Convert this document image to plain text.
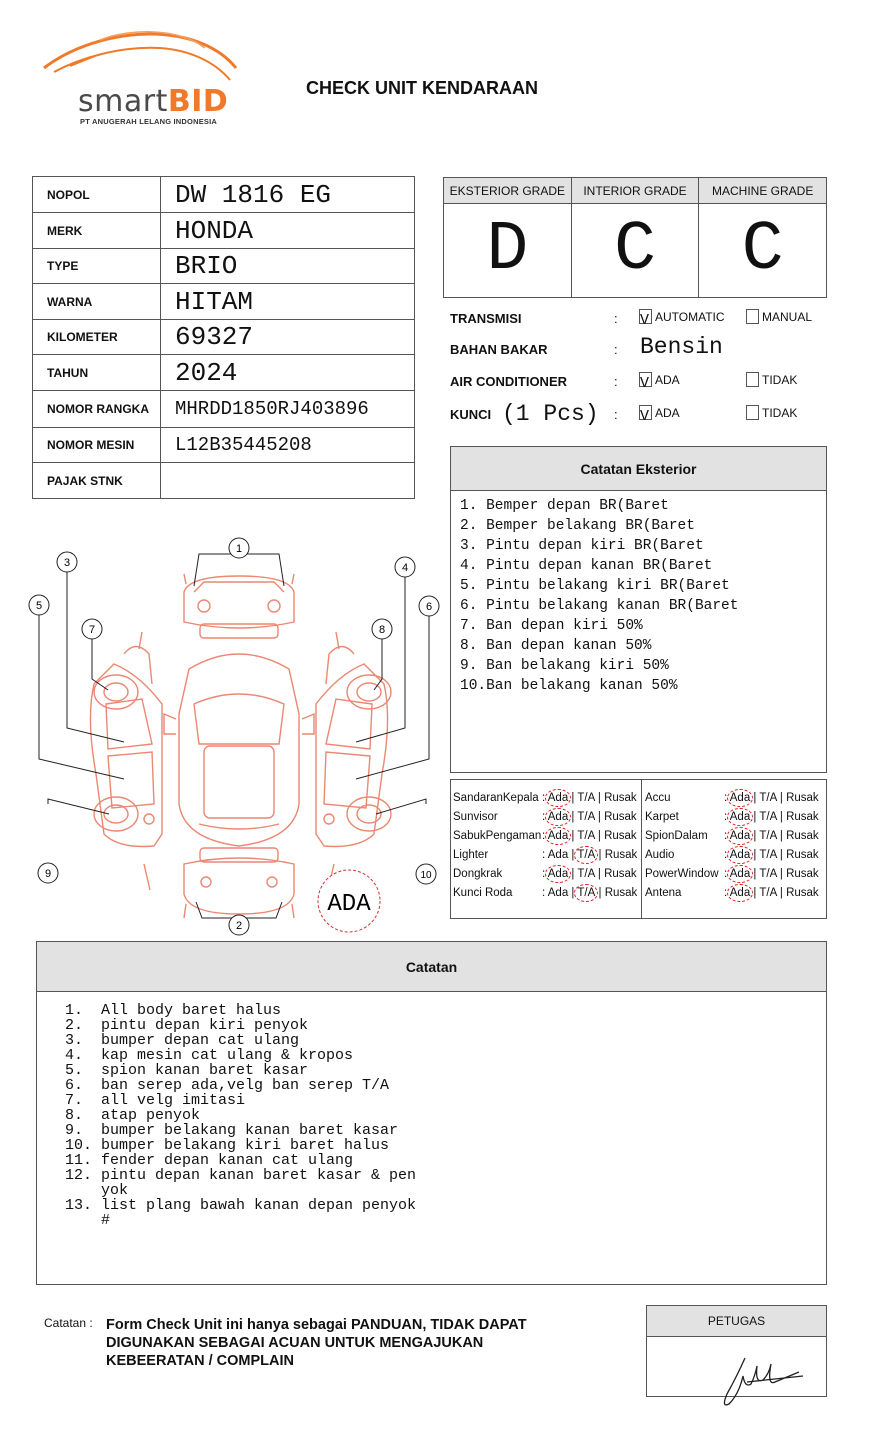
smartBID
PT ANUGERAH LELANG INDONESIA
CHECK UNIT KENDARAAN
NOPOL	DW 1816 EG
MERK	HONDA
TYPE	BRIO
WARNA	HITAM
KILOMETER	69327
TAHUN	2024
NOMOR RANGKA	MHRDD1850RJ403896
NOMOR MESIN	L12B35445208
PAJAK STNK	
EKSTERIOR GRADE
D
INTERIOR GRADE
C
MACHINE GRADE
C
TRANSMISI	: V AUTOMATIC	MANUAL
BAHAN BAKAR	: Bensin
AIR CONDITIONER	: V ADA	TIDAK
KUNCI (1 Pcs) : V ADA	TIDAK
Catatan Eksterior
1. Bemper depan BR(Baret
2. Bemper belakang BR(Baret
3. Pintu depan kiri BR(Baret
4. Pintu depan kanan BR(Baret
5. Pintu belakang kiri BR(Baret
6. Pintu belakang kanan BR(Baret
7. Ban depan kiri 50%
8. Ban depan kanan 50%
9. Ban belakang kiri 50%
10.Ban belakang kanan 50%
SandaranKepala : Ada | T/A | Rusak
Sunvisor	: Ada | T/A | Rusak
SabukPengaman : Ada | T/A | Rusak
Lighter	: Ada | T/A | Rusak
Dongkrak	: Ada | T/A | Rusak
Kunci Roda	: Ada | T/A | Rusak
Accu	: Ada | T/A | Rusak
Karpet	: Ada | T/A | Rusak
SpionDalam : Ada | T/A | Rusak
Audio	: Ada | T/A | Rusak
PowerWindow : Ada | T/A | Rusak
Antena	: Ada | T/A | Rusak
1
2
3	4
5	6
7	8
9	10
ADA
Catatan
1.	All body baret halus
2.	pintu depan kiri penyok
3.	bumper depan cat ulang
4.	kap mesin cat ulang & kropos
5.	spion kanan baret kasar
6.	ban serep ada,velg ban serep T/A
7.	all velg imitasi
8.	atap penyok
9.	bumper belakang kanan baret kasar
10. bumper belakang kiri baret halus
11. fender depan kanan cat ulang
12. pintu depan kanan baret kasar & pen yok
13. list plang bawah kanan depan penyok #
Catatan : Form Check Unit ini hanya sebagai PANDUAN, TIDAK DAPAT DIGUNAKAN SEBAGAI ACUAN UNTUK MENGAJUKAN KEBEERATAN / COMPLAIN
PETUGAS
